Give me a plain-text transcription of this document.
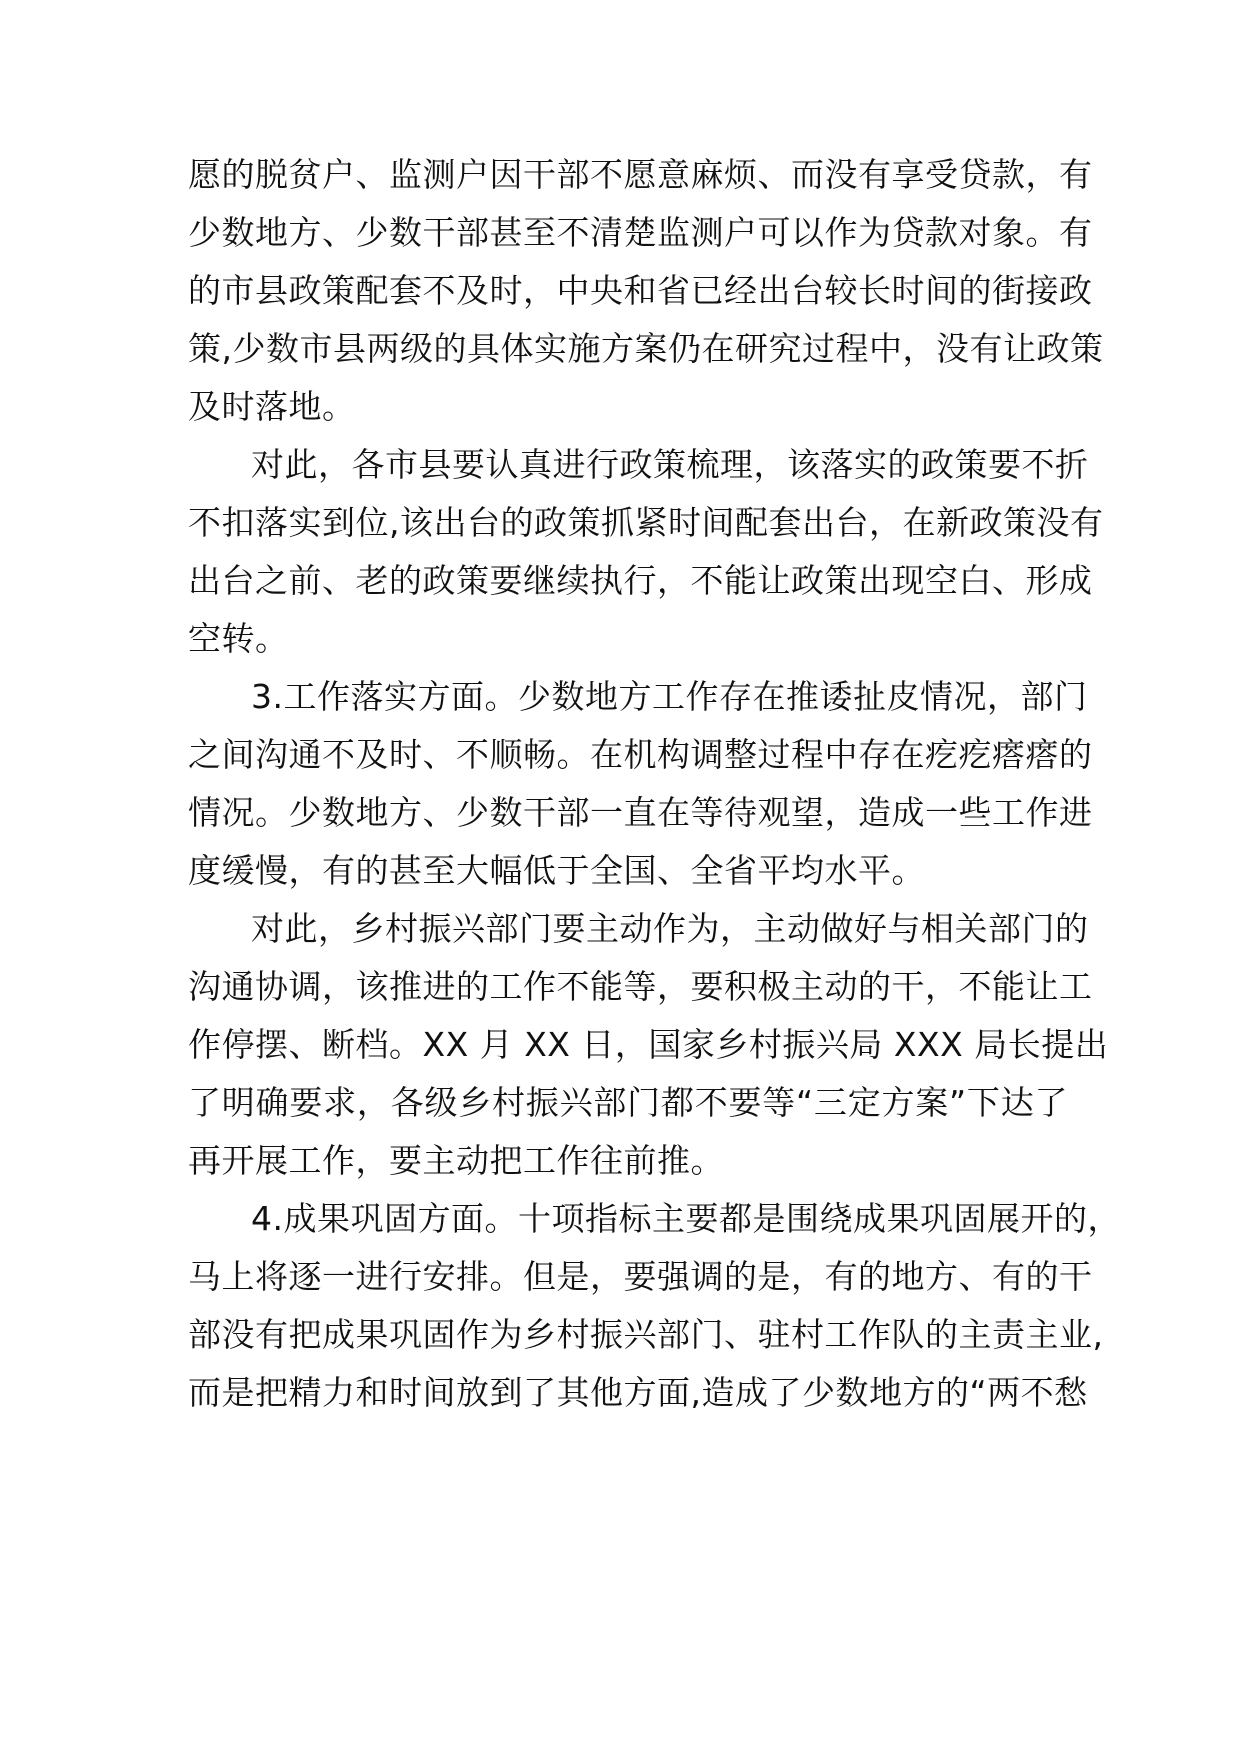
愿的脱贫户、监测户因干部不愿意麻烦、而没有享受贷款，有
少数地方、少数干部甚至不清楚监测户可以作为贷款对象。有
的市县政策配套不及时，中央和省已经出台较长时间的街接政
策,少数市县两级的具体实施方案仍在研究过程中，没有让政策
及时落地。
对此，各市县要认真进行政策梳理，该落实的政策要不折
不扣落实到位,该出台的政策抓紧时间配套出台，在新政策没有
出台之前、老的政策要继续执行，不能让政策出现空白、形成
空转。
3.工作落实方面。少数地方工作存在推诿扯皮情况，部门
之间沟通不及时、不顺畅。在机构调整过程中存在疙疙瘩瘩的
情况。少数地方、少数干部一直在等待观望，造成一些工作进
度缓慢，有的甚至大幅低于全国、全省平均水平。
对此，乡村振兴部门要主动作为，主动做好与相关部门的
沟通协调，该推进的工作不能等，要积极主动的干，不能让工
作停摆、断档。XX 月 XX 日，国家乡村振兴局 XXX 局长提出
了明确要求，各级乡村振兴部门都不要等“三定方案”下达了
再开展工作，要主动把工作往前推。
4.成果巩固方面。十项指标主要都是围绕成果巩固展开的，
马上将逐一进行安排。但是，要强调的是，有的地方、有的干
部没有把成果巩固作为乡村振兴部门、驻村工作队的主责主业,
而是把精力和时间放到了其他方面,造成了少数地方的“两不愁
